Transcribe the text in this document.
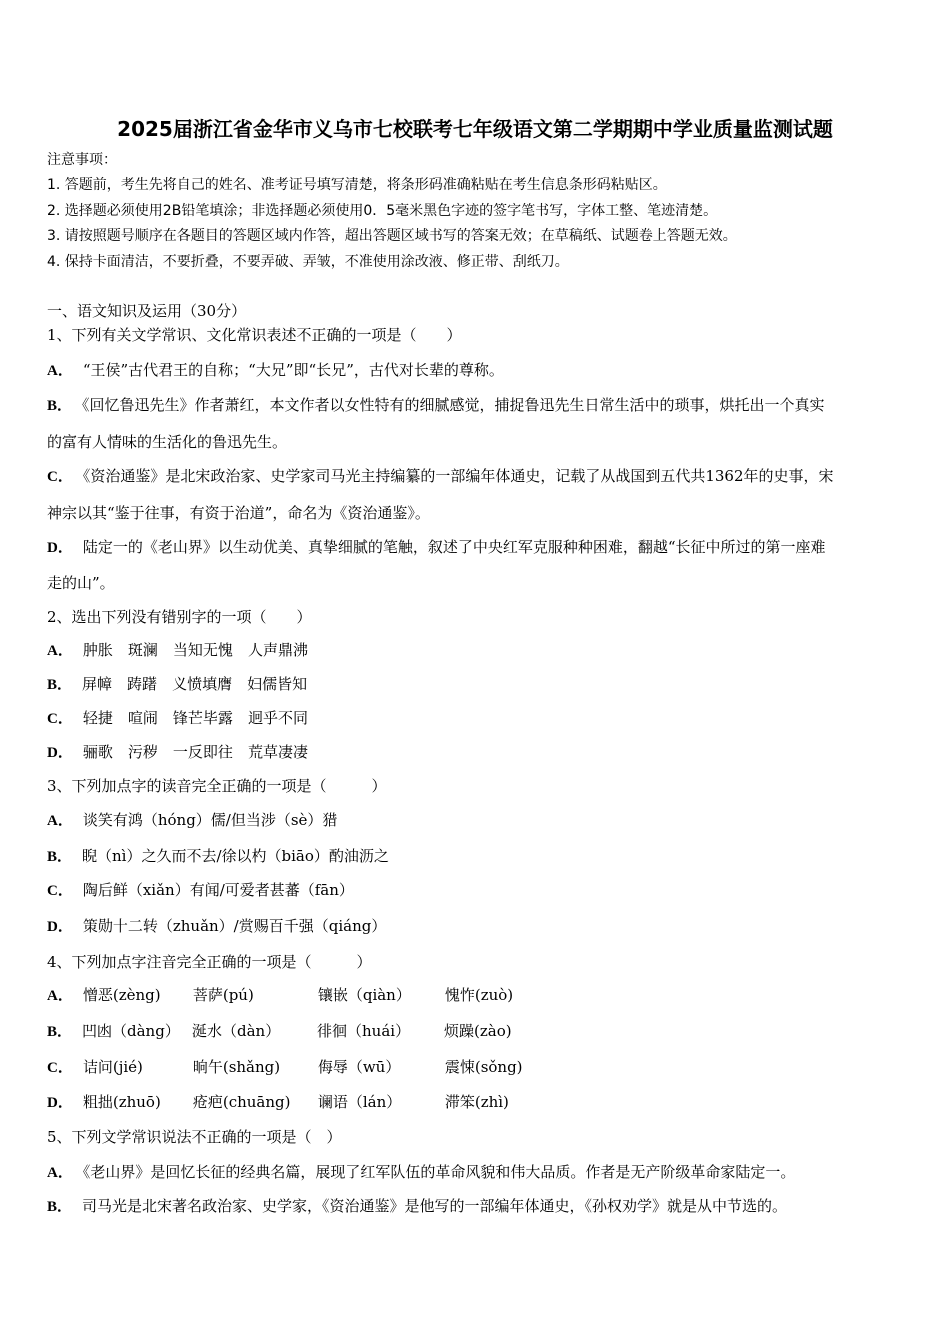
2025届浙江省金华市义乌市七校联考七年级语文第二学期期中学业质量监测试题
注意事项：
1. 答题前，考生先将自己的姓名、准考证号填写清楚，将条形码准确粘贴在考生信息条形码粘贴区。
2. 选择题必须使用2B铅笔填涂；非选择题必须使用0．5毫米黑色字迹的签字笔书写，字体工整、笔迹清楚。
3. 请按照题号顺序在各题目的答题区域内作答，超出答题区域书写的答案无效；在草稿纸、试题卷上答题无效。
4. 保持卡面清洁，不要折叠，不要弄破、弄皱，不准使用涂改液、修正带、刮纸刀。
一、语文知识及运用（30分）
1、下列有关文学常识、文化常识表述不正确的一项是（　　）
A． “王侯”古代君王的自称；“大兄”即“长兄”，古代对长辈的尊称。
B． 《回忆鲁迅先生》作者萧红，本文作者以女性特有的细腻感觉，捕捉鲁迅先生日常生活中的琐事，烘托出一个真实
的富有人情味的生活化的鲁迅先生。
C． 《资治通鉴》是北宋政治家、史学家司马光主持编纂的一部编年体通史，记载了从战国到五代共1362年的史事，宋
神宗以其“鉴于往事，有资于治道”，命名为《资治通鉴》。
D． 陆定一的《老山界》以生动优美、真挚细腻的笔触，叙述了中央红军克服种种困难，翻越“长征中所过的第一座难
走的山”。
2、选出下列没有错别字的一项（　　）
A． 肿胀　 斑澜　 当知无愧　 人声鼎沸
B． 屏幛　 踌躇　 义愤填膺　 妇儒皆知
C． 轻捷　 喧闹　 锋芒毕露　 迥乎不同
D． 骊歌　 污秽　 一反即往　 荒草凄凄
3、下列加点字的读音完全正确的一项是（　　　）
A． 谈笑有鸿（hóng）儒/但当涉（sè）猎
B． 睨（nì）之久而不去/徐以杓（biāo）酌油沥之
C． 陶后鲜（xiǎn）有闻/可爱者甚蕃（fān）
D． 策勋十二转（zhuǎn）/赏赐百千强（qiáng）
4、下列加点字注音完全正确的一项是（　　　）
A． 憎恶(zèng) 菩萨(pú)	镶嵌（qiàn） 愧怍(zuò)
B． 凹凼（dàng） 涎水（dàn） 徘徊（huái） 烦躁(zào)
C． 诘问(jié)	晌午(shǎng)	侮辱（wū）	震悚(sǒng)
D． 粗拙(zhuō) 疮疤(chuāng) 谰语（lán）	滞笨(zhì)
5、下列文学常识说法不正确的一项是（　）
A． 《老山界》是回忆长征的经典名篇，展现了红军队伍的革命风貌和伟大品质。作者是无产阶级革命家陆定一。
B． 司马光是北宋著名政治家、史学家，《资治通鉴》是他写的一部编年体通史，《孙权劝学》就是从中节选的。
